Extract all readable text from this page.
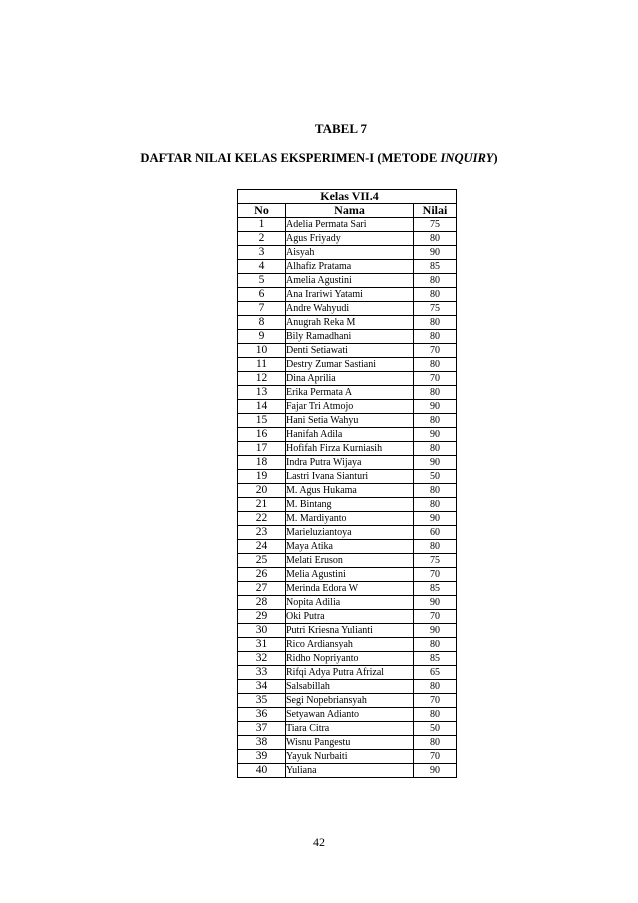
TABEL 7
DAFTAR NILAI KELAS EKSPERIMEN-I (METODE INQUIRY)
	Kelas VII.4	
No	Nama	Nilai
1	Adelia Permata Sari	75
2	Agus Friyady	80
3	Aisyah	90
4	Alhafiz Pratama	85
5	Amelia Agustini	80
6	Ana Irariwi Yatami	80
7	Andre Wahyudi	75
8	Anugrah Reka M	80
9	Bily Ramadhani	80
10	Denti Setiawati	70
11	Destry Zumar Sastiani	80
12	Dina Aprilia	70
13	Erika Permata A	80
14	Fajar Tri Atmojo	90
15	Hani Setia Wahyu	80
16	Hanifah Adila	90
17	Hofifah Firza Kurniasih	80
18	Indra Putra Wijaya	90
19	Lastri Ivana Sianturi	50
20	M. Agus Hukama	80
21	M. Bintang	80
22	M. Mardiyanto	90
23	Marieluziantoya	60
24	Maya Atika	80
25	Melati Eruson	75
26	Melia Agustini	70
27	Merinda Edora W	85
28	Nopita Adilia	90
29	Oki Putra	70
30	Putri Kriesna Yulianti	90
31	Rico Ardiansyah	80
32	Ridho Nopriyanto	85
33	Rifqi Adya Putra Afrizal	65
34	Salsabillah	80
35	Segi Nopebriansyah	70
36	Setyawan Adianto	80
37	Tiara Citra	50
38	Wisnu Pangestu	80
39	Yayuk Nurbaiti	70
40	Yuliana	90
42
